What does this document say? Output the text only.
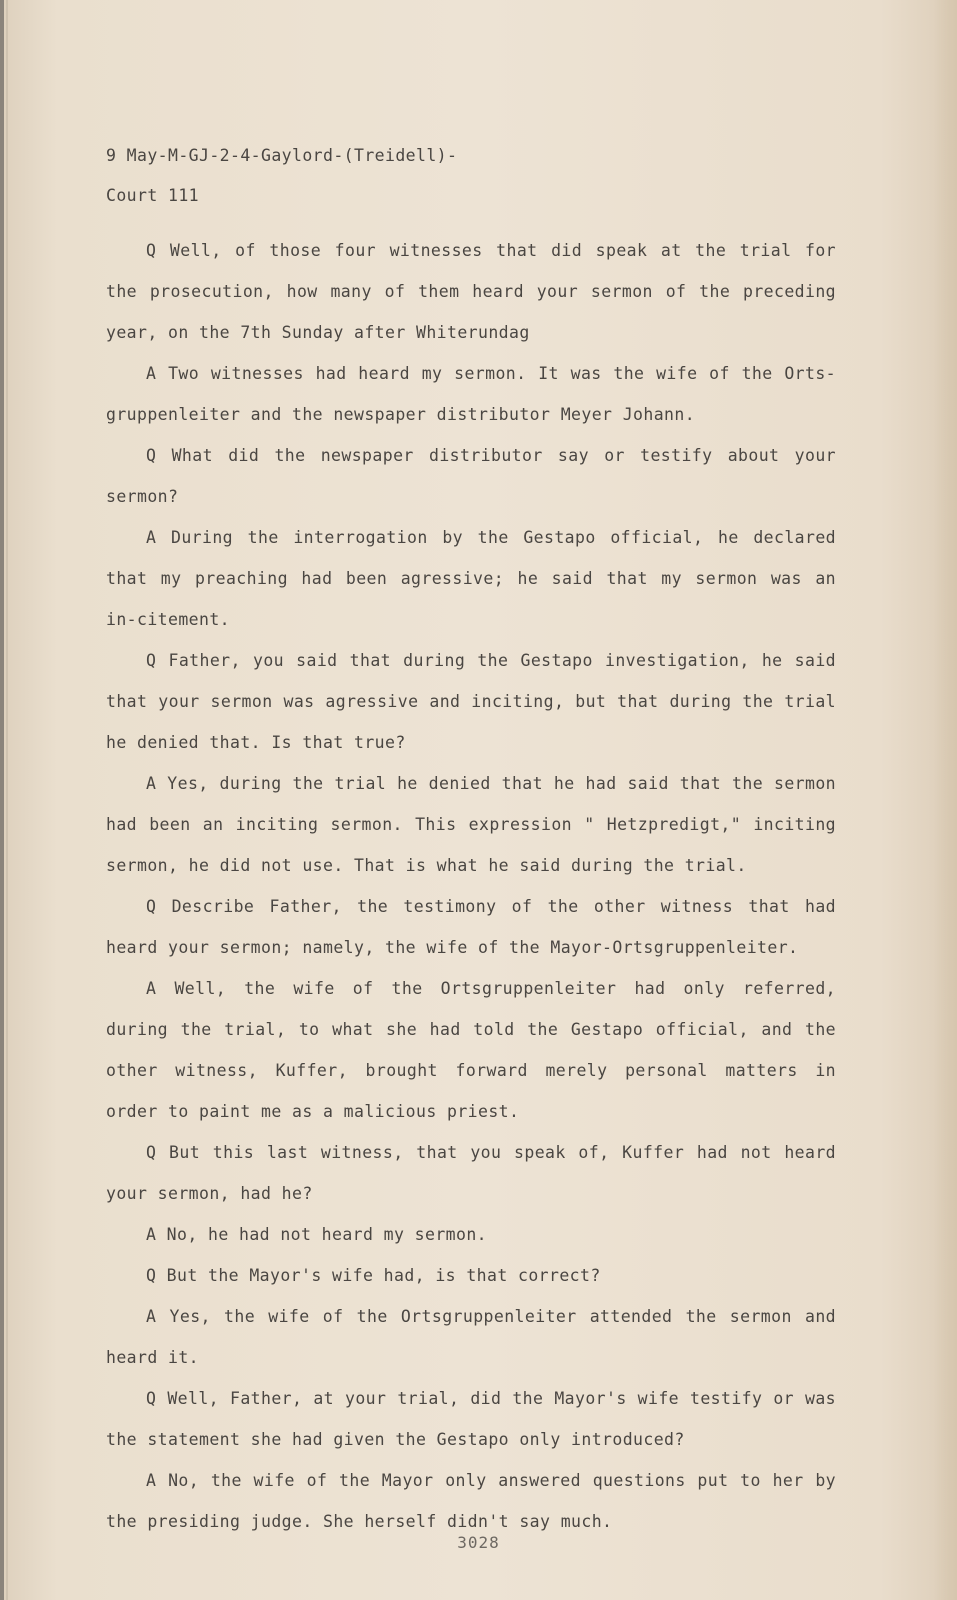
9 May-M-GJ-2-4-Gaylord-(Treidell)-
Court 111

Q Well, of those four witnesses that did speak at the trial for the prosecution, how many of them heard your sermon of the preceding year, on the 7th Sunday after Whiterundag

A Two witnesses had heard my sermon. It was the wife of the Orts-gruppenleiter and the newspaper distributor Meyer Johann.

Q What did the newspaper distributor say or testify about your sermon?

A During the interrogation by the Gestapo official, he declared that my preaching had been agressive; he said that my sermon was an in-citement.

Q Father, you said that during the Gestapo investigation, he said that your sermon was agressive and inciting, but that during the trial he denied that. Is that true?

A Yes, during the trial he denied that he had said that the sermon had been an inciting sermon. This expression " Hetzpredigt," inciting sermon, he did not use. That is what he said during the trial.

Q Describe Father, the testimony of the other witness that had heard your sermon; namely, the wife of the Mayor-Ortsgruppenleiter.

A Well, the wife of the Ortsgruppenleiter had only referred, during the trial, to what she had told the Gestapo official, and the other witness, Kuffer, brought forward merely personal matters in order to paint me as a malicious priest.

Q But this last witness, that you speak of, Kuffer had not heard your sermon, had he?

A No, he had not heard my sermon.

Q But the Mayor's wife had, is that correct?

A Yes, the wife of the Ortsgruppenleiter attended the sermon and heard it.

Q Well, Father, at your trial, did the Mayor's wife testify or was the statement she had given the Gestapo only introduced?

A No, the wife of the Mayor only answered questions put to her by the presiding judge. She herself didn't say much.

3028
